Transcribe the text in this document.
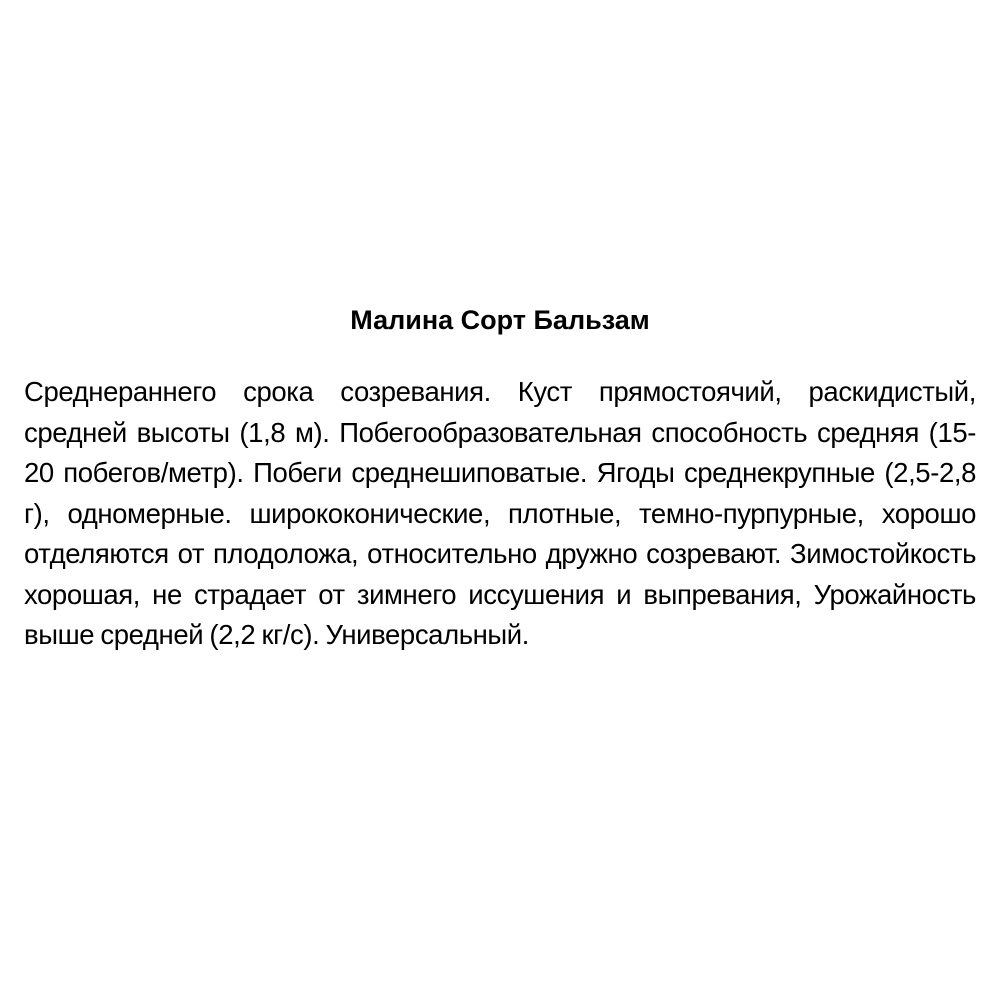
Малина Сорт Бальзам

Среднераннего срока созревания. Куст прямостоячий, раскидистый, средней высоты (1,8 м). Побегообразовательная способность средняя (15-20 побегов/метр). Побеги среднешиповатые. Ягоды среднекрупные (2,5-2,8 г), одномерные. ширококонические, плотные, темно-пурпурные, хорошо отделяются от плодоложа, относительно дружно созревают. Зимостойкость хорошая, не страдает от зимнего иссушения и выпревания, Урожайность выше средней (2,2 кг/с). Универсальный.
